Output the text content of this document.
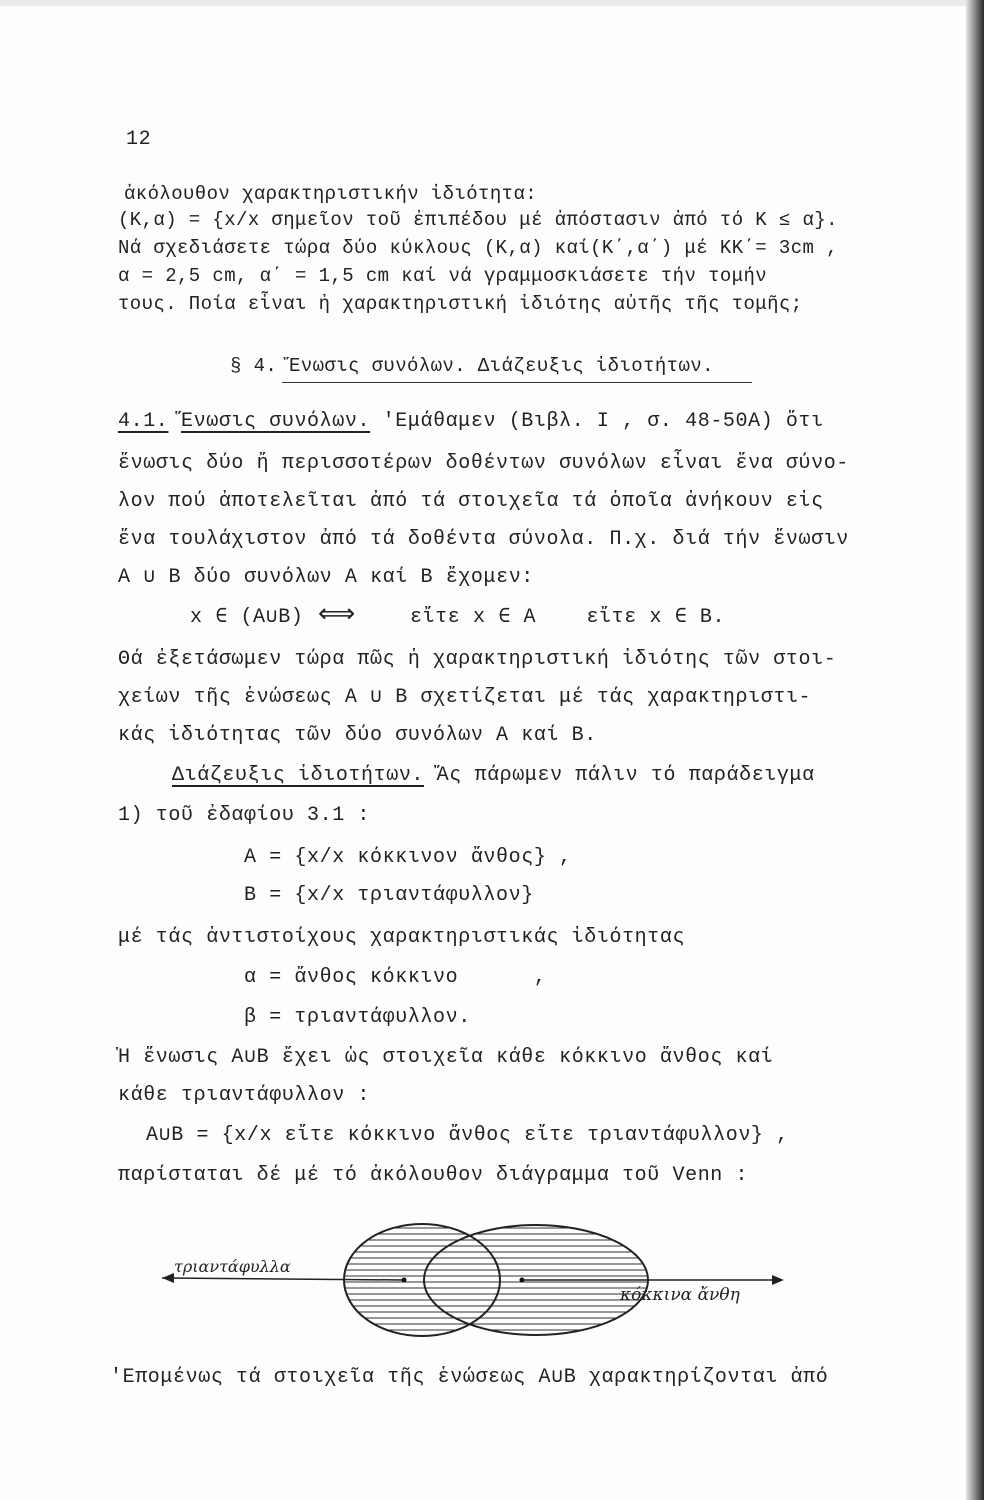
12
ἀκόλουθον χαρακτηριστικήν ἰδιότητα:
(Κ,α) = {x/x σημεῖον τοῦ ἐπιπέδου μέ ἀπόστασιν ἀπό τό Κ ≤ α}.
Νά σχεδιάσετε τώρα δύο κύκλους (Κ,α) καί(Κ΄,α΄) μέ ΚΚ΄= 3cm ,
α = 2,5 cm, α΄ = 1,5 cm καί νά γραμμοσκιάσετε τήν τομήν
τους. Ποία εἶναι ἡ χαρακτηριστική ἰδιότης αὐτῆς τῆς τομῆς;
§ 4. Ἕνωσις συνόλων. Διάζευξις ἰδιοτήτων.
4.1. Ἕνωσις συνόλων. 'Εμάθαμεν (Βιβλ. Ι , σ. 48-50Α) ὅτι
ἕνωσις δύο ἤ περισσοτέρων δοθέντων συνόλων εἶναι ἕνα σύνο-
λον πού ἀποτελεῖται ἀπό τά στοιχεῖα τά ὁποῖα ἀνήκουν εἰς
ἕνα τουλάχιστον ἀπό τά δοθέντα σύνολα. Π.χ. διά τήν ἕνωσιν
Α ∪ Β δύο συνόλων Α καί Β ἔχομεν:
x ∈ (A∪B) ⟺	εἴτε x ∈ A    εἴτε x ∈ B.
Θά ἐξετάσωμεν τώρα πῶς ἡ χαρακτηριστική ἰδιότης τῶν στοι-
χείων τῆς ἑνώσεως Α ∪ Β σχετίζεται μέ τάς χαρακτηριστι-
κάς ἰδιότητας τῶν δύο συνόλων Α καί Β.
Διάζευξις ἰδιοτήτων. Ἄς πάρωμεν πάλιν τό παράδειγμα
1) τοῦ ἐδαφίου 3.1 :
Α = {x/x κόκκινον ἄνθος} ,
Β = {x/x τριαντάφυλλον}
μέ τάς ἀντιστοίχους χαρακτηριστικάς ἰδιότητας
α = ἄνθος κόκκινο      ,
β = τριαντάφυλλον.
Ἡ ἕνωσις Α∪Β ἔχει ὡς στοιχεῖα κάθε κόκκινο ἄνθος καί
κάθε τριαντάφυλλον :
Α∪Β = {x/x εἴτε κόκκινο ἄνθος εἴτε τριαντάφυλλον} ,
παρίσταται δέ μέ τό ἀκόλουθον διάγραμμα τοῦ Venn :
τριαντάφυλλα
κόκκινα ἄνθη
'Επομένως τά στοιχεῖα τῆς ἑνώσεως Α∪Β χαρακτηρίζονται ἀπό
